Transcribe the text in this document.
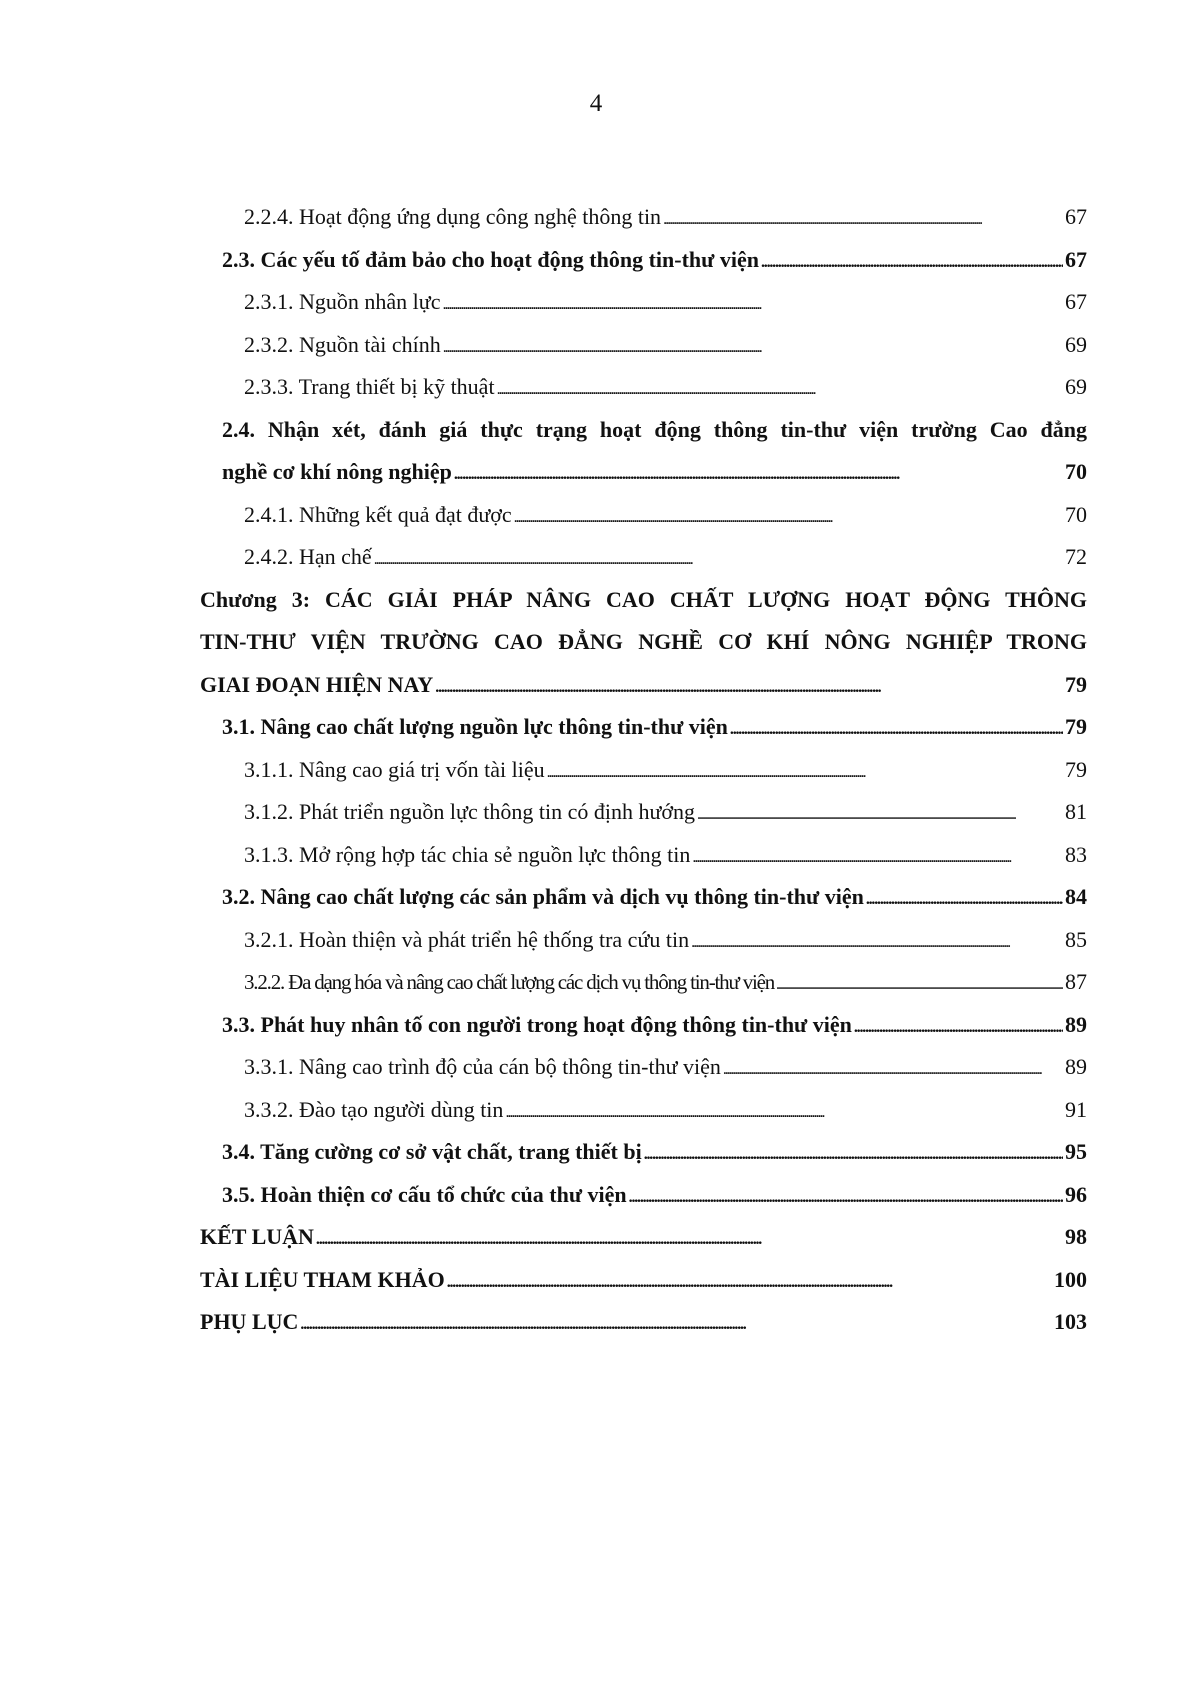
4
2.2.4. Hoạt động ứng dụng công nghệ thông tin . . .	67
2.3. Các yếu tố đảm bảo cho hoạt động thông tin-thư viện . . .	67
2.3.1. Nguồn nhân lực . . .	67
2.3.2. Nguồn tài chính . . .	69
2.3.3. Trang thiết bị kỹ thuật . . .	69
2.4. Nhận xét, đánh giá thực trạng hoạt động thông tin-thư viện trường Cao đẳng
nghề cơ khí nông nghiệp . . .	70
2.4.1. Những kết quả đạt được . . .	70
2.4.2. Hạn chế . . .	72
Chương 3: CÁC GIẢI PHÁP NÂNG CAO CHẤT LƯỢNG HOẠT ĐỘNG THÔNG
TIN-THƯ VIỆN TRƯỜNG CAO ĐẲNG NGHỀ CƠ KHÍ NÔNG NGHIỆP TRONG
GIAI ĐOẠN HIỆN NAY . . .	79
3.1. Nâng cao chất lượng nguồn lực thông tin-thư viện . . .	79
3.1.1. Nâng cao giá trị vốn tài liệu . . .	79
3.1.2. Phát triển nguồn lực thông tin có định hướng . . .	81
3.1.3. Mở rộng hợp tác chia sẻ nguồn lực thông tin . . .	83
3.2. Nâng cao chất lượng các sản phẩm và dịch vụ thông tin-thư viện . . .	84
3.2.1. Hoàn thiện và phát triển hệ thống tra cứu tin . . .	85
3.2.2. Đa dạng hóa và nâng cao chất lượng các dịch vụ thông tin-thư viện . . .	87
3.3. Phát huy nhân tố con người trong hoạt động thông tin-thư viện . . .	89
3.3.1. Nâng cao trình độ của cán bộ thông tin-thư viện . . .	89
3.3.2. Đào tạo người dùng tin . . .	91
3.4. Tăng cường cơ sở vật chất, trang thiết bị . . .	95
3.5. Hoàn thiện cơ cấu tổ chức của thư viện . . .	96
KẾT LUẬN . . .	98
TÀI LIỆU THAM KHẢO . . .	100
PHỤ LỤC . . .	103
